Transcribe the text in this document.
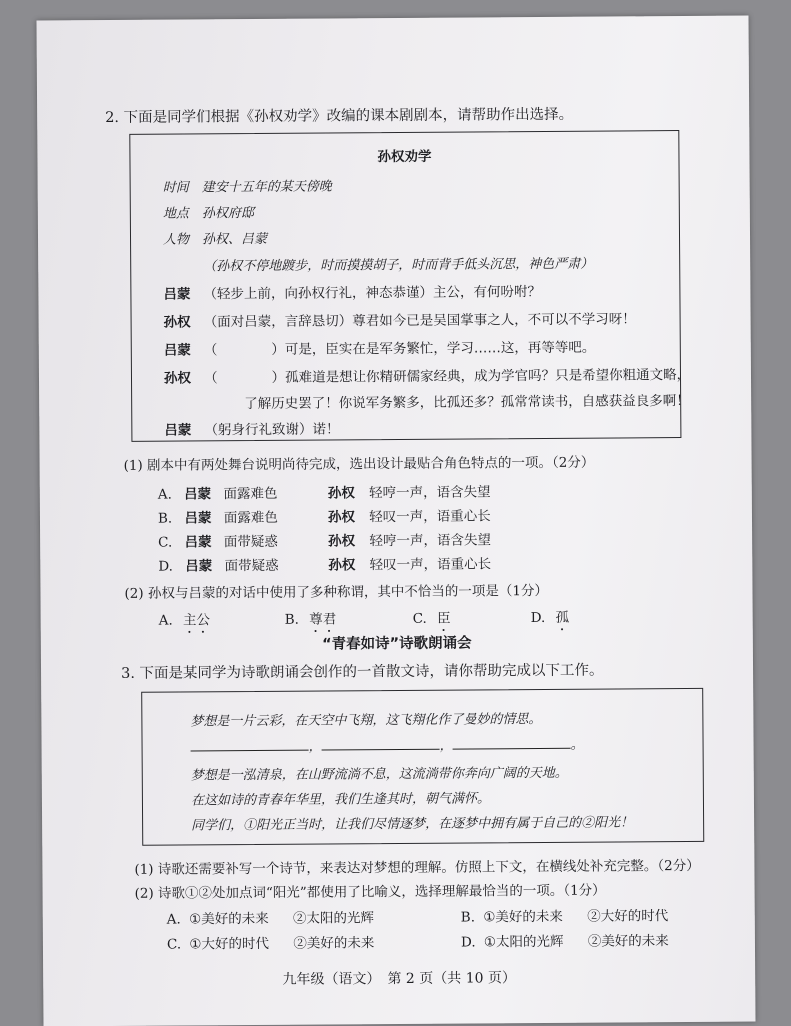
2. 下面是同学们根据《孙权劝学》改编的课本剧剧本，请帮助作出选择。
孙权劝学
时间　建安十五年的某天傍晚
地点　孙权府邸
人物　孙权、吕蒙
（孙权不停地踱步，时而摸摸胡子，时而背手低头沉思，神色严肃）
吕蒙 （轻步上前，向孙权行礼，神态恭谨）主公，有何吩咐？
孙权 （面对吕蒙，言辞恳切）尊君如今已是吴国掌事之人，不可以不学习呀！
吕蒙 （　　　　）可是，臣实在是军务繁忙，学习……这，再等等吧。
孙权 （　　　　）孤难道是想让你精研儒家经典，成为学官吗？只是希望你粗通文略，
了解历史罢了！你说军务繁多，比孤还多？孤常常读书，自感获益良多啊！
吕蒙 （躬身行礼致谢）诺！
(1) 剧本中有两处舞台说明尚待完成，选出设计最贴合角色特点的一项。（2分）
A. 吕蒙 面露难色	孙权 轻哼一声，语含失望
B. 吕蒙 面露难色	孙权 轻叹一声，语重心长
C. 吕蒙 面带疑惑	孙权 轻哼一声，语含失望
D. 吕蒙 面带疑惑	孙权 轻叹一声，语重心长
(2) 孙权与吕蒙的对话中使用了多种称谓，其中不恰当的一项是（1分）
A. 主公	B. 尊君	C. 臣	D. 孤
“青春如诗”诗歌朗诵会
3. 下面是某同学为诗歌朗诵会创作的一首散文诗，请你帮助完成以下工作。
梦想是一片云彩，在天空中飞翔，这飞翔化作了曼妙的情思。
，	，	。
梦想是一泓清泉，在山野流淌不息，这流淌带你奔向广阔的天地。
在这如诗的青春年华里，我们生逢其时，朝气满怀。
同学们，①阳光正当时，让我们尽情逐梦，在逐梦中拥有属于自己的②阳光！
(1) 诗歌还需要补写一个诗节，来表达对梦想的理解。仿照上下文，在横线处补充完整。（2分）
(2) 诗歌①②处加点词“阳光”都使用了比喻义，选择理解最恰当的一项。（1分）
A. ①美好的未来 ②太阳的光辉	B. ①美好的未来 ②大好的时代
C. ①大好的时代 ②美好的未来	D. ①太阳的光辉 ②美好的未来
九年级（语文）　第 2 页（共 10 页）
